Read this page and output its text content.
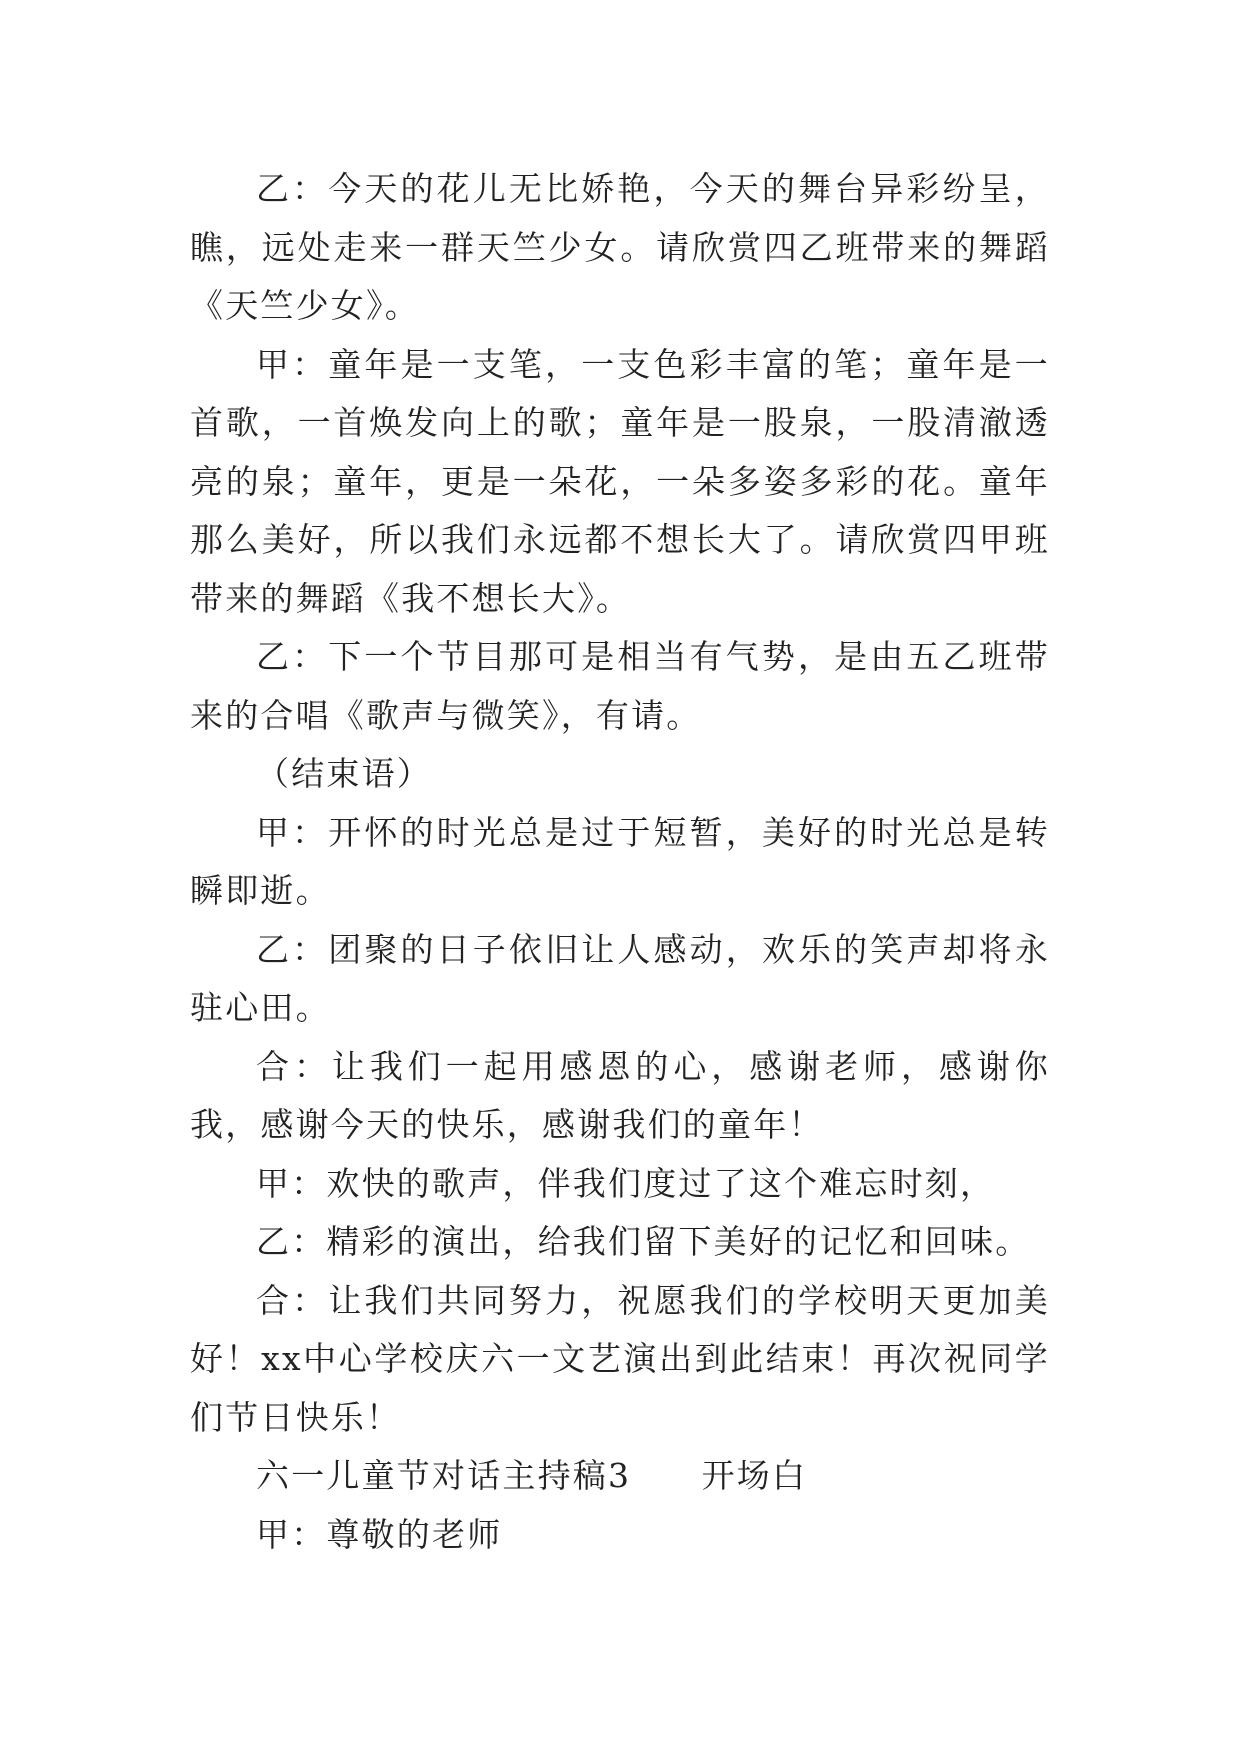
乙：今天的花儿无比娇艳，今天的舞台异彩纷呈，瞧，远处走来一群天竺少女。请欣赏四乙班带来的舞蹈《天竺少女》。

甲：童年是一支笔，一支色彩丰富的笔；童年是一首歌，一首焕发向上的歌；童年是一股泉，一股清澈透亮的泉；童年，更是一朵花，一朵多姿多彩的花。童年那么美好，所以我们永远都不想长大了。请欣赏四甲班带来的舞蹈《我不想长大》。

乙：下一个节目那可是相当有气势，是由五乙班带来的合唱《歌声与微笑》，有请。

（结束语）

甲：开怀的时光总是过于短暂，美好的时光总是转瞬即逝。

乙：团聚的日子依旧让人感动，欢乐的笑声却将永驻心田。

合：让我们一起用感恩的心，感谢老师，感谢你我，感谢今天的快乐，感谢我们的童年！

甲：欢快的歌声，伴我们度过了这个难忘时刻，

乙：精彩的演出，给我们留下美好的记忆和回味。

合：让我们共同努力，祝愿我们的学校明天更加美好！xx中心学校庆六一文艺演出到此结束！再次祝同学们节日快乐！

六一儿童节对话主持稿3　　开场白

甲：尊敬的老师
